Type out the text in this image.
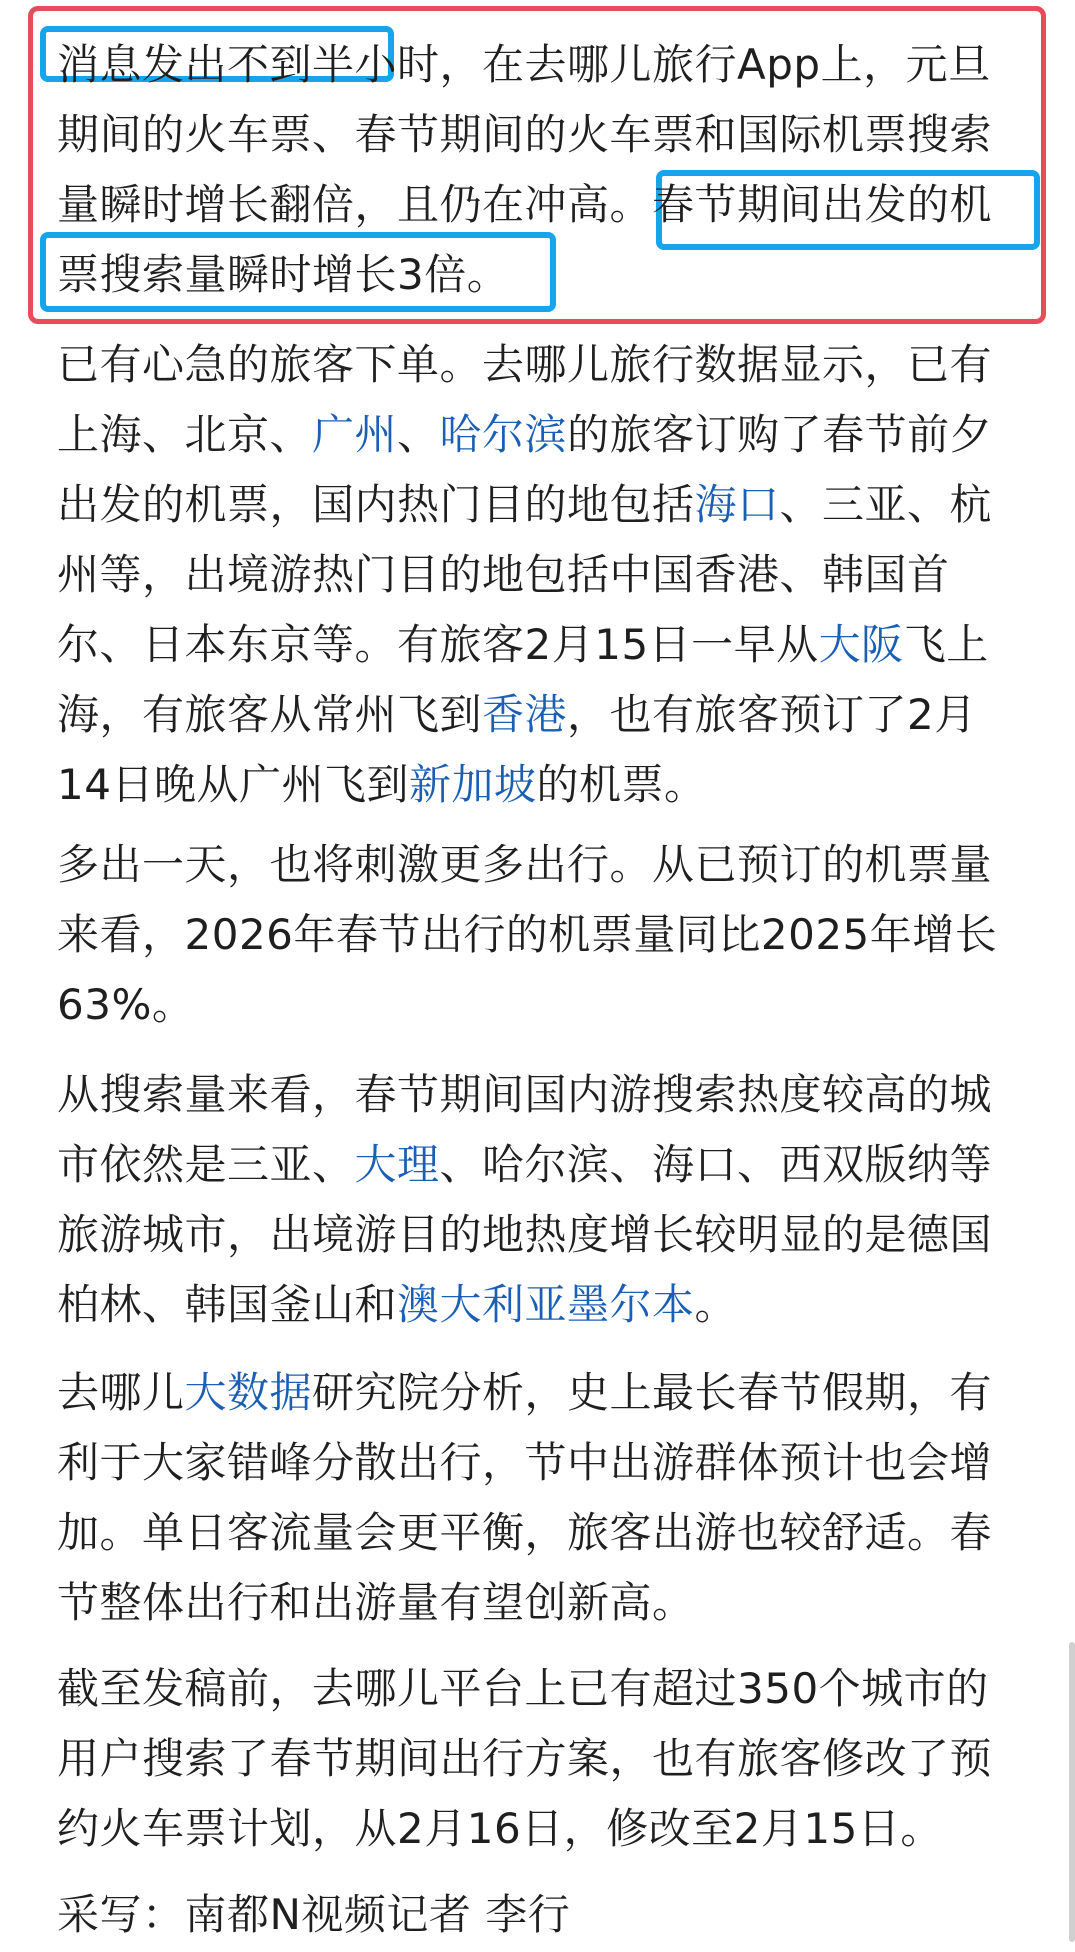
消息发出不到半小时，在去哪儿旅行App上，元旦
期间的火车票、春节期间的火车票和国际机票搜索
量瞬时增长翻倍，且仍在冲高。春节期间出发的机
票搜索量瞬时增长3倍。
已有心急的旅客下单。去哪儿旅行数据显示，已有
上海、北京、广州、哈尔滨的旅客订购了春节前夕
出发的机票，国内热门目的地包括海口、三亚、杭
州等，出境游热门目的地包括中国香港、韩国首
尔、日本东京等。有旅客2月15日一早从大阪飞上
海，有旅客从常州飞到香港，也有旅客预订了2月
14日晚从广州飞到新加坡的机票。
多出一天，也将刺激更多出行。从已预订的机票量
来看，2026年春节出行的机票量同比2025年增长
63%。
从搜索量来看，春节期间国内游搜索热度较高的城
市依然是三亚、大理、哈尔滨、海口、西双版纳等
旅游城市，出境游目的地热度增长较明显的是德国
柏林、韩国釜山和澳大利亚墨尔本。
去哪儿大数据研究院分析，史上最长春节假期，有
利于大家错峰分散出行，节中出游群体预计也会增
加。单日客流量会更平衡，旅客出游也较舒适。春
节整体出行和出游量有望创新高。
截至发稿前，去哪儿平台上已有超过350个城市的
用户搜索了春节期间出行方案，也有旅客修改了预
约火车票计划，从2月16日，修改至2月15日。
采写：南都N视频记者 李行
